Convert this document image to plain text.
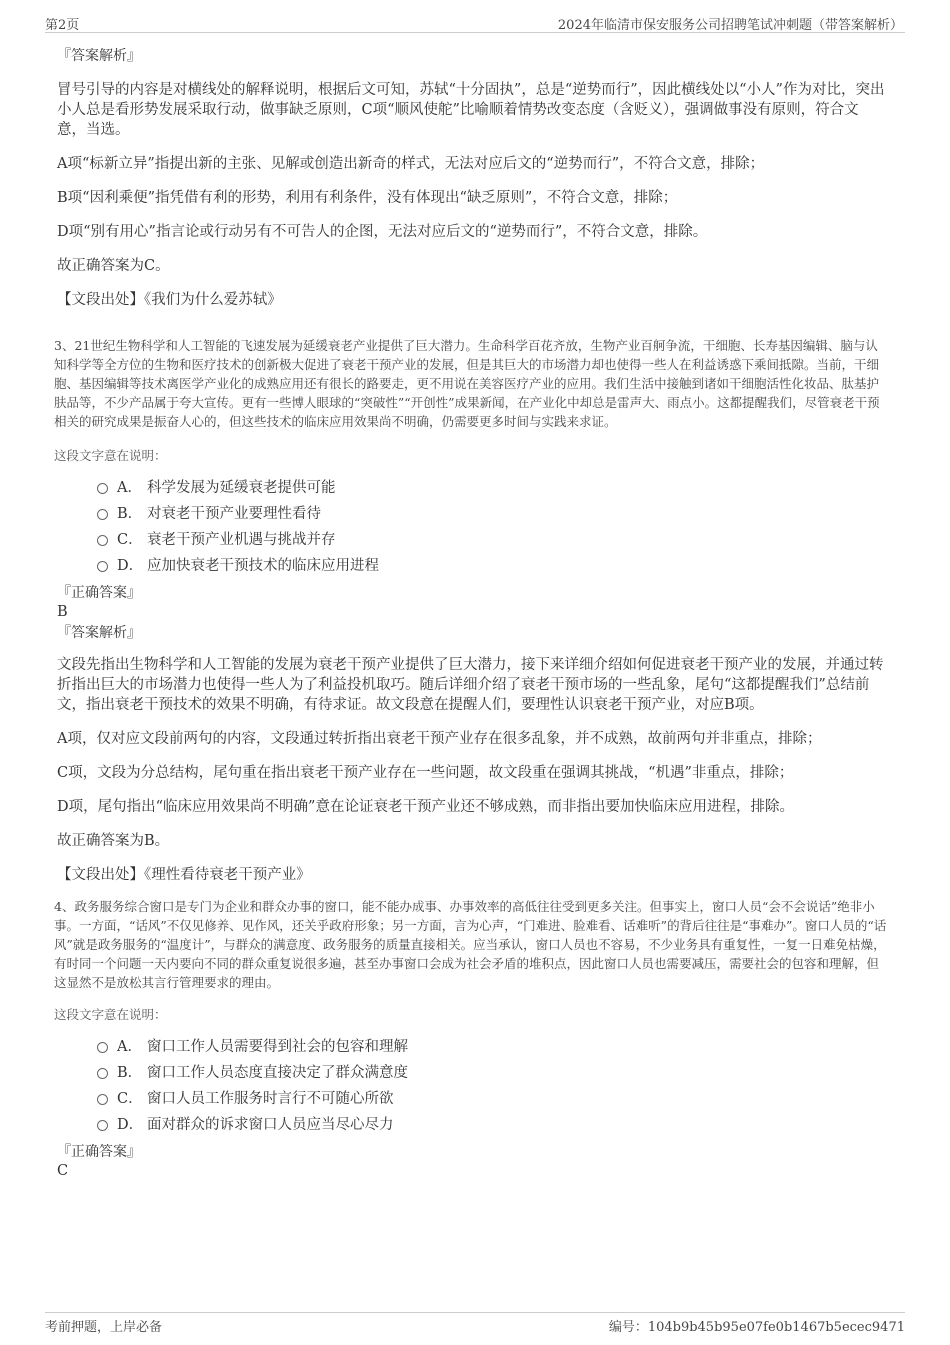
第2页	2024年临清市保安服务公司招聘笔试冲刺题（带答案解析）

『答案解析』

冒号引导的内容是对横线处的解释说明，根据后文可知，苏轼“十分固执”，总是“逆势而行”，因此横线处以“小人”作为对比，突出小人总是看形势发展采取行动，做事缺乏原则，C项“顺风使舵”比喻顺着情势改变态度（含贬义），强调做事没有原则，符合文意，当选。

A项“标新立异”指提出新的主张、见解或创造出新奇的样式，无法对应后文的“逆势而行”，不符合文意，排除；

B项“因利乘便”指凭借有利的形势，利用有利条件，没有体现出“缺乏原则”，不符合文意，排除；

D项“别有用心”指言论或行动另有不可告人的企图，无法对应后文的“逆势而行”，不符合文意，排除。

故正确答案为C。

【文段出处】《我们为什么爱苏轼》

3、21世纪生物科学和人工智能的飞速发展为延缓衰老产业提供了巨大潜力。生命科学百花齐放，生物产业百舸争流，干细胞、长寿基因编辑、脑与认知科学等全方位的生物和医疗技术的创新极大促进了衰老干预产业的发展，但是其巨大的市场潜力却也使得一些人在利益诱惑下乘间抵隙。当前，干细胞、基因编辑等技术离医学产业化的成熟应用还有很长的路要走，更不用说在美容医疗产业的应用。我们生活中接触到诸如干细胞活性化妆品、肽基护肤品等，不少产品属于夸大宣传。更有一些博人眼球的“突破性”“开创性”成果新闻，在产业化中却总是雷声大、雨点小。这都提醒我们，尽管衰老干预相关的研究成果是振奋人心的，但这些技术的临床应用效果尚不明确，仍需要更多时间与实践来求证。

这段文字意在说明：

A． 科学发展为延缓衰老提供可能
B． 对衰老干预产业要理性看待
C． 衰老干预产业机遇与挑战并存
D． 应加快衰老干预技术的临床应用进程

『正确答案』

B

『答案解析』

文段先指出生物科学和人工智能的发展为衰老干预产业提供了巨大潜力，接下来详细介绍如何促进衰老干预产业的发展，并通过转折指出巨大的市场潜力也使得一些人为了利益投机取巧。随后详细介绍了衰老干预市场的一些乱象，尾句“这都提醒我们”总结前文，指出衰老干预技术的效果不明确，有待求证。故文段意在提醒人们，要理性认识衰老干预产业，对应B项。

A项，仅对应文段前两句的内容，文段通过转折指出衰老干预产业存在很多乱象，并不成熟，故前两句并非重点，排除；

C项，文段为分总结构，尾句重在指出衰老干预产业存在一些问题，故文段重在强调其挑战，“机遇”非重点，排除；

D项，尾句指出“临床应用效果尚不明确”意在论证衰老干预产业还不够成熟，而非指出要加快临床应用进程，排除。

故正确答案为B。

【文段出处】《理性看待衰老干预产业》

4、政务服务综合窗口是专门为企业和群众办事的窗口，能不能办成事、办事效率的高低往往受到更多关注。但事实上，窗口人员“会不会说话”绝非小事。一方面，“话风”不仅见修养、见作风，还关乎政府形象；另一方面，言为心声，“门难进、脸难看、话难听”的背后往往是“事难办”。窗口人员的“话风”就是政务服务的“温度计”，与群众的满意度、政务服务的质量直接相关。应当承认，窗口人员也不容易，不少业务具有重复性，一复一日难免枯燥，有时同一个问题一天内要向不同的群众重复说很多遍，甚至办事窗口会成为社会矛盾的堆积点，因此窗口人员也需要减压，需要社会的包容和理解，但这显然不是放松其言行管理要求的理由。

这段文字意在说明：

A． 窗口工作人员需要得到社会的包容和理解
B． 窗口工作人员态度直接决定了群众满意度
C． 窗口人员工作服务时言行不可随心所欲
D． 面对群众的诉求窗口人员应当尽心尽力

『正确答案』

C

考前押题，上岸必备	编号：104b9b45b95e07fe0b1467b5ecec9471
